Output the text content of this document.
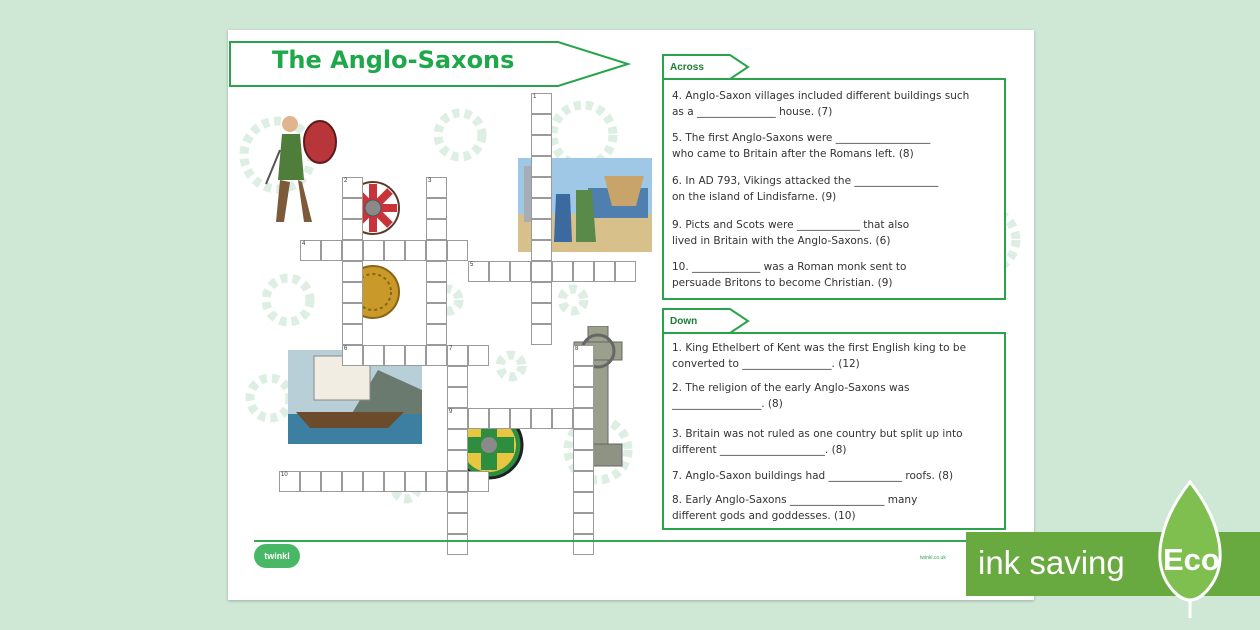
The Anglo-Saxons
1
2	3
4
5
6	7
9
8
10
Across
4. Anglo-Saxon villages included different buildings such
as a _______________ house. (7)
5. The first Anglo-Saxons were __________________
who came to Britain after the Romans left. (8)
6. In AD 793, Vikings attacked the ________________
on the island of Lindisfarne. (9)
9. Picts and Scots were ____________ that also
lived in Britain with the Anglo-Saxons. (6)
10. _____________ was a Roman monk sent to
persuade Britons to become Christian. (9)
Down
1. King Ethelbert of Kent was the first English king to be
converted to _________________. (12)
2. The religion of the early Anglo-Saxons was
_________________. (8)
3. Britain was not ruled as one country but split up into
different ____________________. (8)
7. Anglo-Saxon buildings had ______________ roofs. (8)
8. Early Anglo-Saxons __________________ many
different gods and goddesses. (10)
twinkl	twinkl.co.uk ink saving Eco
